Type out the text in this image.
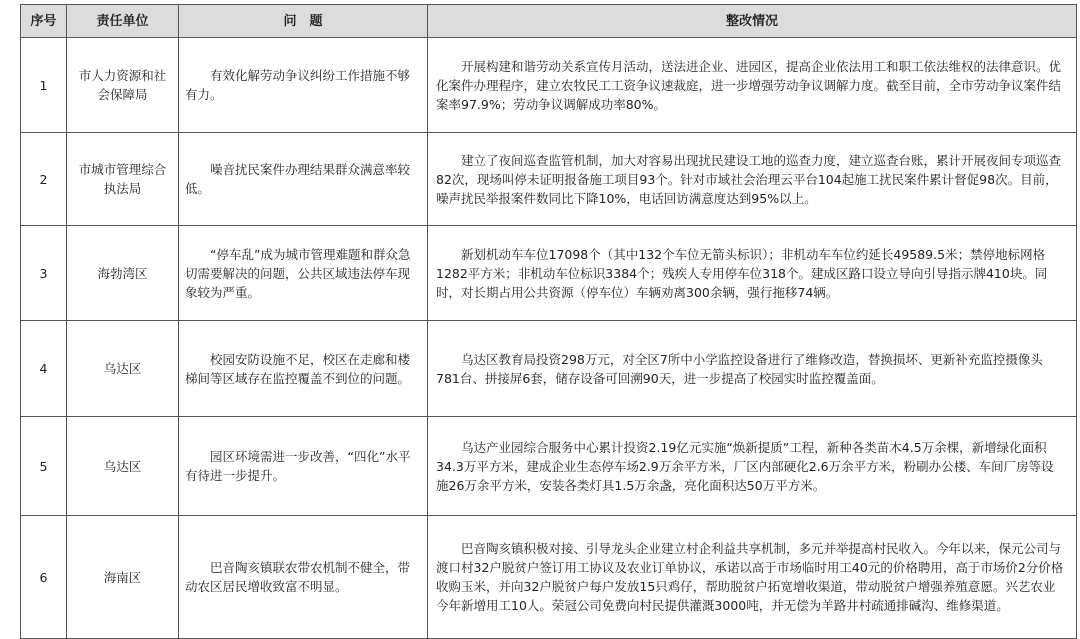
序号	责任单位	问　题	整改情况
1	市人力资源和社会保障局	有效化解劳动争议纠纷工作措施不够有力。	开展构建和谐劳动关系宣传月活动，送法进企业、进园区，提高企业依法用工和职工依法维权的法律意识。优化案件办理程序，建立农牧民工工资争议速裁庭，进一步增强劳动争议调解力度。截至目前，全市劳动争议案件结案率97.9%；劳动争议调解成功率80%。
2	市城市管理综合执法局	噪音扰民案件办理结果群众满意率较低。	建立了夜间巡查监管机制，加大对容易出现扰民建设工地的巡查力度，建立巡查台账，累计开展夜间专项巡查82次，现场叫停未证明报备施工项目93个。针对市域社会治理云平台104起施工扰民案件累计督促98次。目前，噪声扰民举报案件数同比下降10%，电话回访满意度达到95%以上。
3	海勃湾区	“停车乱”成为城市管理难题和群众急切需要解决的问题，公共区域违法停车现象较为严重。	新划机动车车位17098个（其中132个车位无箭头标识）；非机动车车位约延长49589.5米；禁停地标网格1282平方米；非机动车位标识3384个；残疾人专用停车位318个。建成区路口设立导向引导指示牌410块。同时，对长期占用公共资源（停车位）车辆劝离300余辆，强行拖移74辆。
4	乌达区	校园安防设施不足，校区在走廊和楼梯间等区域存在监控覆盖不到位的问题。	乌达区教育局投资298万元，对全区7所中小学监控设备进行了维修改造，替换损坏、更新补充监控摄像头781台、拼接屏6套，储存设备可回溯90天，进一步提高了校园实时监控覆盖面。
5	乌达区	园区环境需进一步改善，“四化”水平有待进一步提升。	乌达产业园综合服务中心累计投资2.19亿元实施“焕新提质”工程，新种各类苗木4.5万余棵，新增绿化面积34.3万平方米，建成企业生态停车场2.9万余平方米，厂区内部硬化2.6万余平方米，粉刷办公楼、车间厂房等设施26万余平方米，安装各类灯具1.5万余盏，亮化面积达50万平方米。
6	海南区	巴音陶亥镇联农带农机制不健全，带动农区居民增收致富不明显。	巴音陶亥镇积极对接、引导龙头企业建立村企利益共享机制，多元并举提高村民收入。今年以来，保元公司与渡口村32户脱贫户签订用工协议及农业订单协议，承诺以高于市场临时用工40元的价格聘用，高于市场价2分价格收购玉米，并向32户脱贫户每户发放15只鸡仔，帮助脱贫户拓宽增收渠道，带动脱贫户增强养殖意愿。兴艺农业今年新增用工10人。荣冠公司免费向村民提供灌溉3000吨，并无偿为羊路井村疏通排碱沟、维修渠道。
